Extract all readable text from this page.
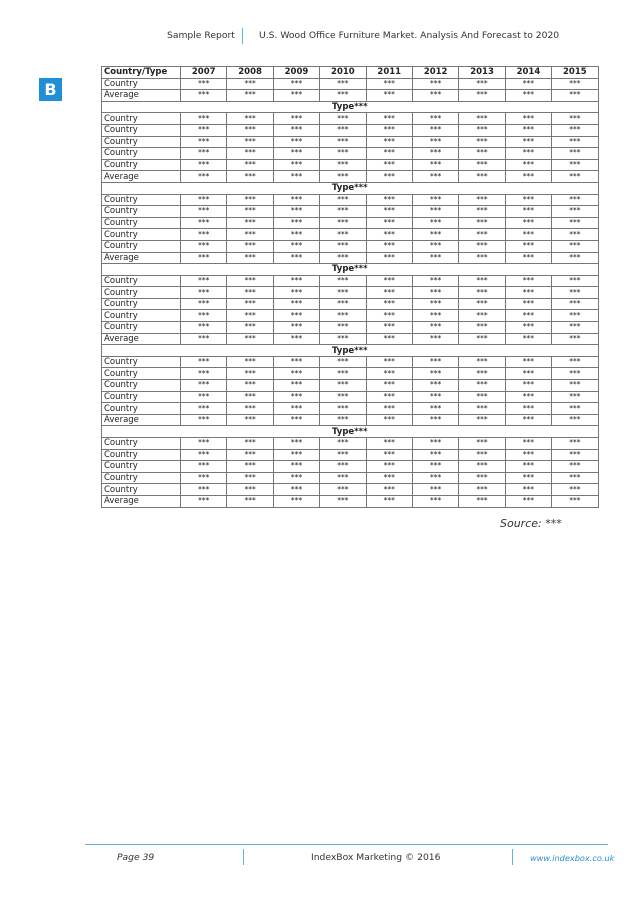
Sample Report	U.S. Wood Office Furniture Market. Analysis And Forecast to 2020
B
Country/Type	2007	2008	2009	2010	2011	2012	2013	2014	2015
Country	***	***	***	***	***	***	***	***	***
Average	***	***	***	***	***	***	***	***	***
Type***									
Country	***	***	***	***	***	***	***	***	***
Country	***	***	***	***	***	***	***	***	***
Country	***	***	***	***	***	***	***	***	***
Country	***	***	***	***	***	***	***	***	***
Country	***	***	***	***	***	***	***	***	***
Average	***	***	***	***	***	***	***	***	***
Type***									
Country	***	***	***	***	***	***	***	***	***
Country	***	***	***	***	***	***	***	***	***
Country	***	***	***	***	***	***	***	***	***
Country	***	***	***	***	***	***	***	***	***
Country	***	***	***	***	***	***	***	***	***
Average	***	***	***	***	***	***	***	***	***
Type***									
Country	***	***	***	***	***	***	***	***	***
Country	***	***	***	***	***	***	***	***	***
Country	***	***	***	***	***	***	***	***	***
Country	***	***	***	***	***	***	***	***	***
Country	***	***	***	***	***	***	***	***	***
Average	***	***	***	***	***	***	***	***	***
Type***									
Country	***	***	***	***	***	***	***	***	***
Country	***	***	***	***	***	***	***	***	***
Country	***	***	***	***	***	***	***	***	***
Country	***	***	***	***	***	***	***	***	***
Country	***	***	***	***	***	***	***	***	***
Average	***	***	***	***	***	***	***	***	***
Type***									
Country	***	***	***	***	***	***	***	***	***
Country	***	***	***	***	***	***	***	***	***
Country	***	***	***	***	***	***	***	***	***
Country	***	***	***	***	***	***	***	***	***
Country	***	***	***	***	***	***	***	***	***
Average	***	***	***	***	***	***	***	***	***
Source: ***
Page 39	IndexBox Marketing © 2016	www.indexbox.co.uk
